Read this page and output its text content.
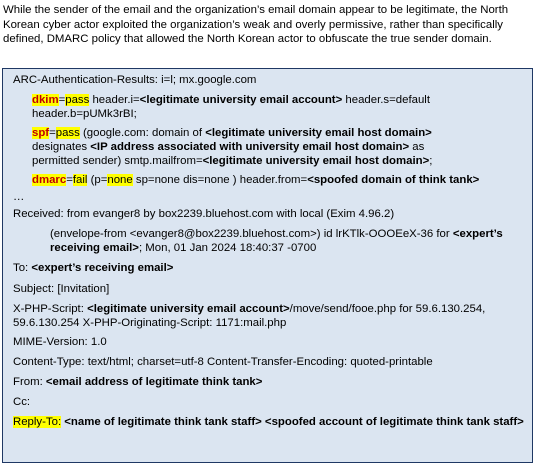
While the sender of the email and the organization’s email domain appear to be legitimate, the North Korean cyber actor exploited the organization’s weak and overly permissive, rather than specifically defined, DMARC policy that allowed the North Korean actor to obfuscate the true sender domain.

ARC-Authentication-Results: i=l; mx.google.com
dkim=pass header.i=<legitimate university email account> header.s=default
header.b=pUMk3rBI;
spf=pass (google.com: domain of <legitimate university email host domain>
designates <IP address associated with university email host domain> as
permitted sender) smtp.mailfrom=<legitimate university email host domain>;
dmarc=fail (p=none sp=none dis=none ) header.from=<spoofed domain of think tank>
…
Received: from evanger8 by box2239.bluehost.com with local (Exim 4.96.2)
(envelope-from <evanger8@box2239.bluehost.com>) id lrKTlk-OOOEeX-36 for <expert’s
receiving email>; Mon, 01 Jan 2024 18:40:37 -0700
To: <expert’s receiving email>
Subject: [Invitation]
X-PHP-Script: <legitimate university email account>/move/send/fooe.php for 59.6.130.254,
59.6.130.254 X-PHP-Originating-Script: 1171:mail.php
MIME-Version: 1.0
Content-Type: text/html; charset=utf-8 Content-Transfer-Encoding: quoted-printable
From: <email address of legitimate think tank>
Cc:
Reply-To: <name of legitimate think tank staff> <spoofed account of legitimate think tank staff>
